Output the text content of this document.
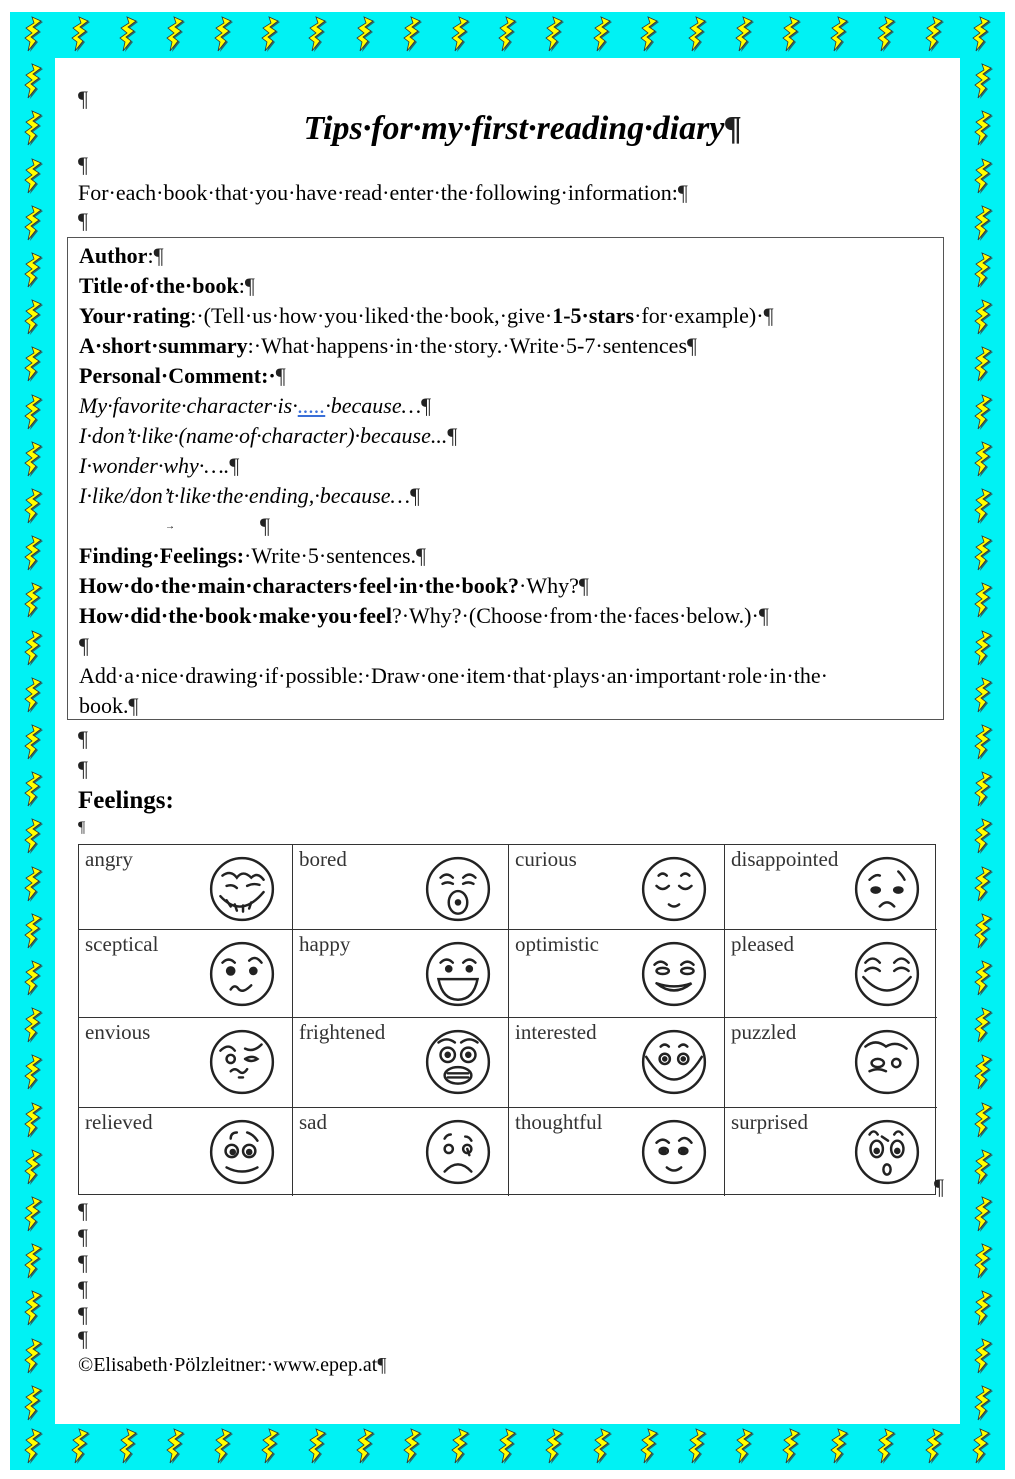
¶
Tips·for·my·first·reading·diary¶
¶
For·each·book·that·you·have·read·enter·the·following·information:¶
¶
Author:¶
Title·of·the·book:¶
Your·rating:·(Tell·us·how·you·liked·the·book,·give·1-5·stars·for·example)·¶
A·short·summary:·What·happens·in·the·story.·Write·5-7·sentences¶
Personal·Comment:·¶
My·favorite·character·is·.....·because…¶
I·don’t·like·(name·of·character)·because...¶
I·wonder·why·….¶
I·like/don’t·like·the·ending,·because…¶
→	¶
Finding·Feelings:·Write·5·sentences.¶
How·do·the·main·characters·feel·in·the·book?·Why?¶
How·did·the·book·make·you·feel?·Why?·(Choose·from·the·faces·below.)·¶
¶
Add·a·nice·drawing·if·possible:·Draw·one·item·that·plays·an·important·role·in·the·
book.¶
¶
¶
Feelings:
¶
angry	bored	curious	disappointed
sceptical	happy	optimistic	pleased
envious	frightened	interested	puzzled
relieved	sad	thoughtful	surprised
¶
¶
¶
¶
¶
¶
¶
©Elisabeth·Pölzleitner:·www.epep.at¶
